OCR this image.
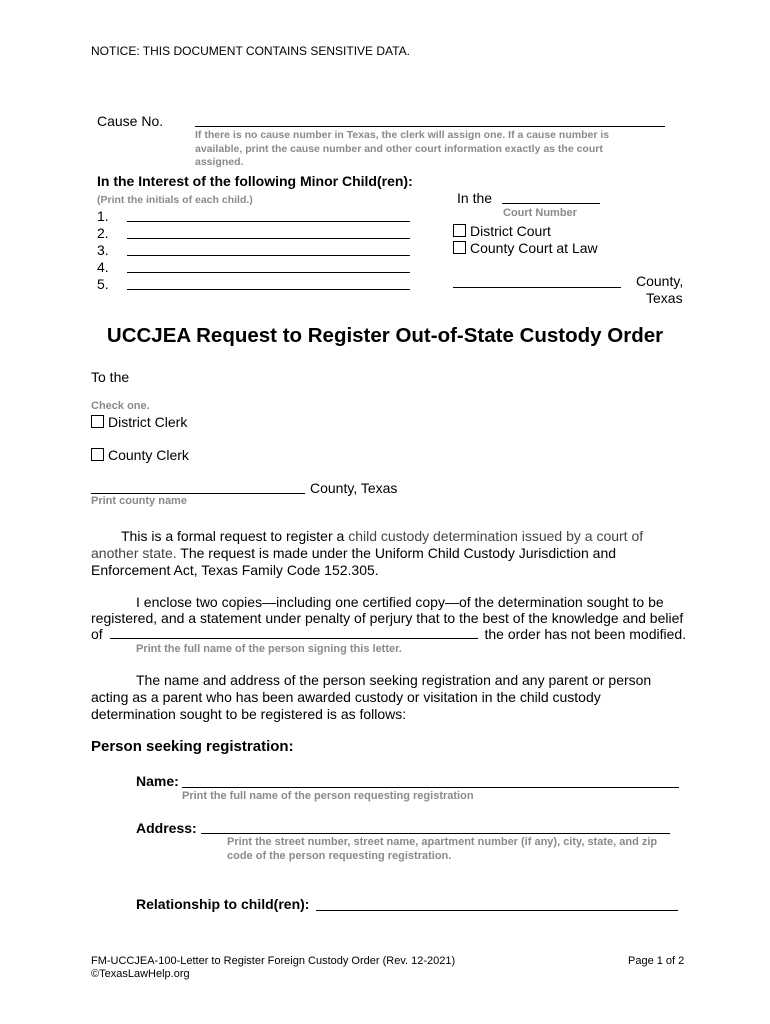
NOTICE: THIS DOCUMENT CONTAINS SENSITIVE DATA.
Cause No.
If there is no cause number in Texas, the clerk will assign one. If a cause number is
available, print the cause number and other court information exactly as the court
assigned.
In the Interest of the following Minor Child(ren):
(Print the initials of each child.)
1.
2.
3.
4.
5.
In the
Court Number
District Court
County Court at Law
County,
Texas
UCCJEA Request to Register Out-of-State Custody Order
To the
Check one.
District Clerk
County Clerk
County, Texas
Print county name
This is a formal request to register a child custody determination issued by a court of
another state. The request is made under the Uniform Child Custody Jurisdiction and
Enforcement Act, Texas Family Code 152.305.
I enclose two copies—including one certified copy—of the determination sought to be
registered, and a statement under penalty of perjury that to the best of the knowledge and belief
of	the order has not been modified.
Print the full name of the person signing this letter.
The name and address of the person seeking registration and any parent or person
acting as a parent who has been awarded custody or visitation in the child custody
determination sought to be registered is as follows:
Person seeking registration:
Name:
Print the full name of the person requesting registration
Address:
Print the street number, street name, apartment number (if any), city, state, and zip
code of the person requesting registration.
Relationship to child(ren):
FM-UCCJEA-100-Letter to Register Foreign Custody Order (Rev. 12-2021)
©TexasLawHelp.org
Page 1 of 2
